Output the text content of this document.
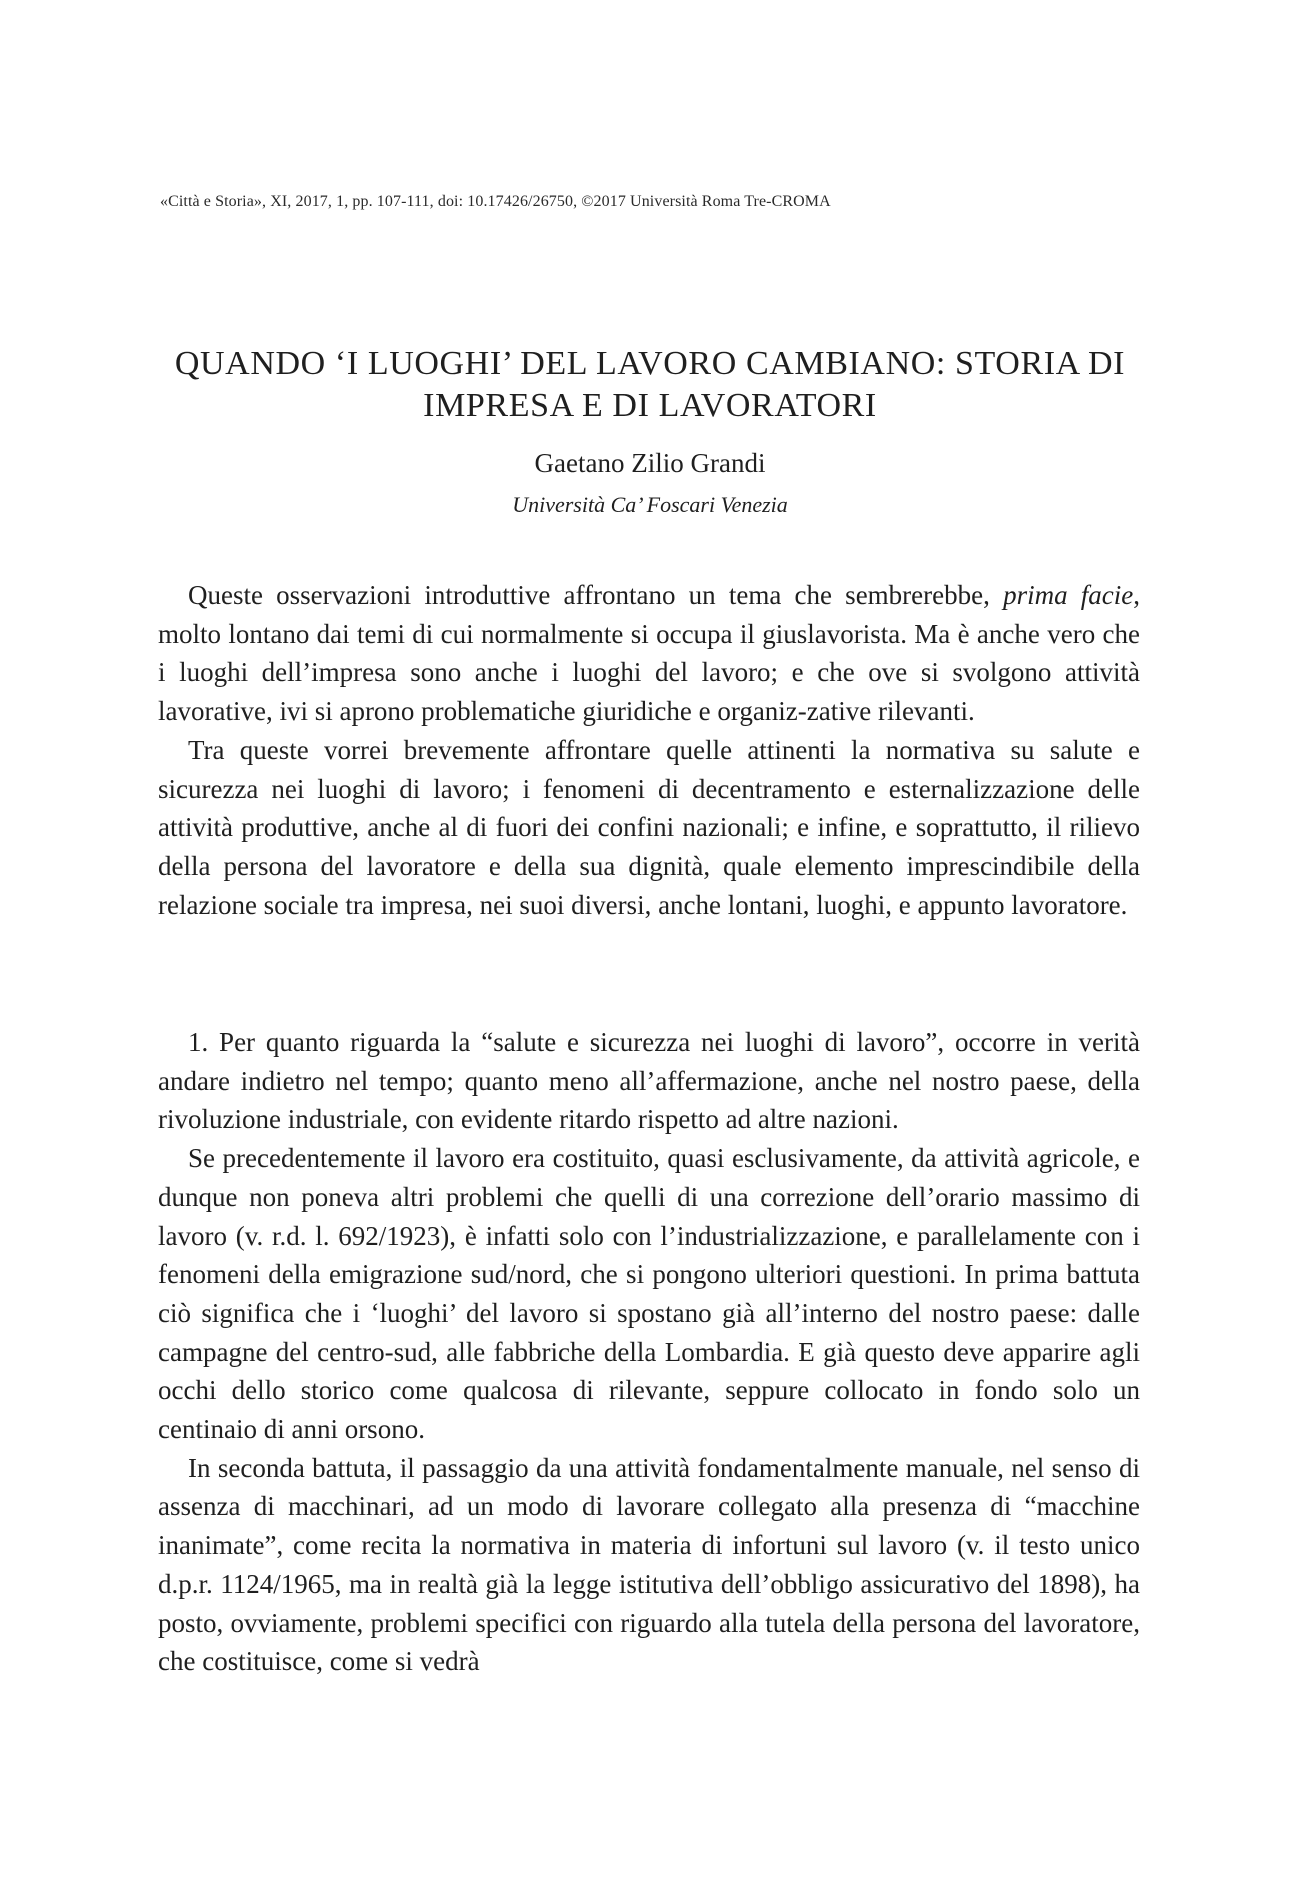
«Città e Storia», XI, 2017, 1, pp. 107-111, doi: 10.17426/26750, ©2017 Università Roma Tre-CROMA
QUANDO ‘I LUOGHI’ DEL LAVORO CAMBIANO: STORIA DI
IMPRESA E DI LAVORATORI
Gaetano Zilio Grandi
Università Ca’ Foscari Venezia

Queste osservazioni introduttive affrontano un tema che sembrerebbe, prima facie, molto lontano dai temi di cui normalmente si occupa il giuslavorista. Ma è anche vero che i luoghi dell’impresa sono anche i luoghi del lavoro; e che ove si svolgono attività lavorative, ivi si aprono problematiche giuridiche e organiz-zative rilevanti.

Tra queste vorrei brevemente affrontare quelle attinenti la normativa su salute e sicurezza nei luoghi di lavoro; i fenomeni di decentramento e esternalizzazione delle attività produttive, anche al di fuori dei confini nazionali; e infine, e soprattutto, il rilievo della persona del lavoratore e della sua dignità, quale elemento imprescindibile della relazione sociale tra impresa, nei suoi diversi, anche lontani, luoghi, e appunto lavoratore.

1. Per quanto riguarda la “salute e sicurezza nei luoghi di lavoro”, occorre in verità andare indietro nel tempo; quanto meno all’affermazione, anche nel nostro paese, della rivoluzione industriale, con evidente ritardo rispetto ad altre nazioni.

Se precedentemente il lavoro era costituito, quasi esclusivamente, da attività agricole, e dunque non poneva altri problemi che quelli di una correzione dell’orario massimo di lavoro (v. r.d. l. 692/1923), è infatti solo con l’industrializzazione, e parallelamente con i fenomeni della emigrazione sud/nord, che si pongono ulteriori questioni. In prima battuta ciò significa che i ‘luoghi’ del lavoro si spostano già all’interno del nostro paese: dalle campagne del centro-sud, alle fabbriche della Lombardia. E già questo deve apparire agli occhi dello storico come qualcosa di rilevante, seppure collocato in fondo solo un centinaio di anni orsono.

In seconda battuta, il passaggio da una attività fondamentalmente manuale, nel senso di assenza di macchinari, ad un modo di lavorare collegato alla presenza di “macchine inanimate”, come recita la normativa in materia di infortuni sul lavoro (v. il testo unico d.p.r. 1124/1965, ma in realtà già la legge istitutiva dell’obbligo assicurativo del 1898), ha posto, ovviamente, problemi specifici con riguardo alla tutela della persona del lavoratore, che costituisce, come si vedrà
